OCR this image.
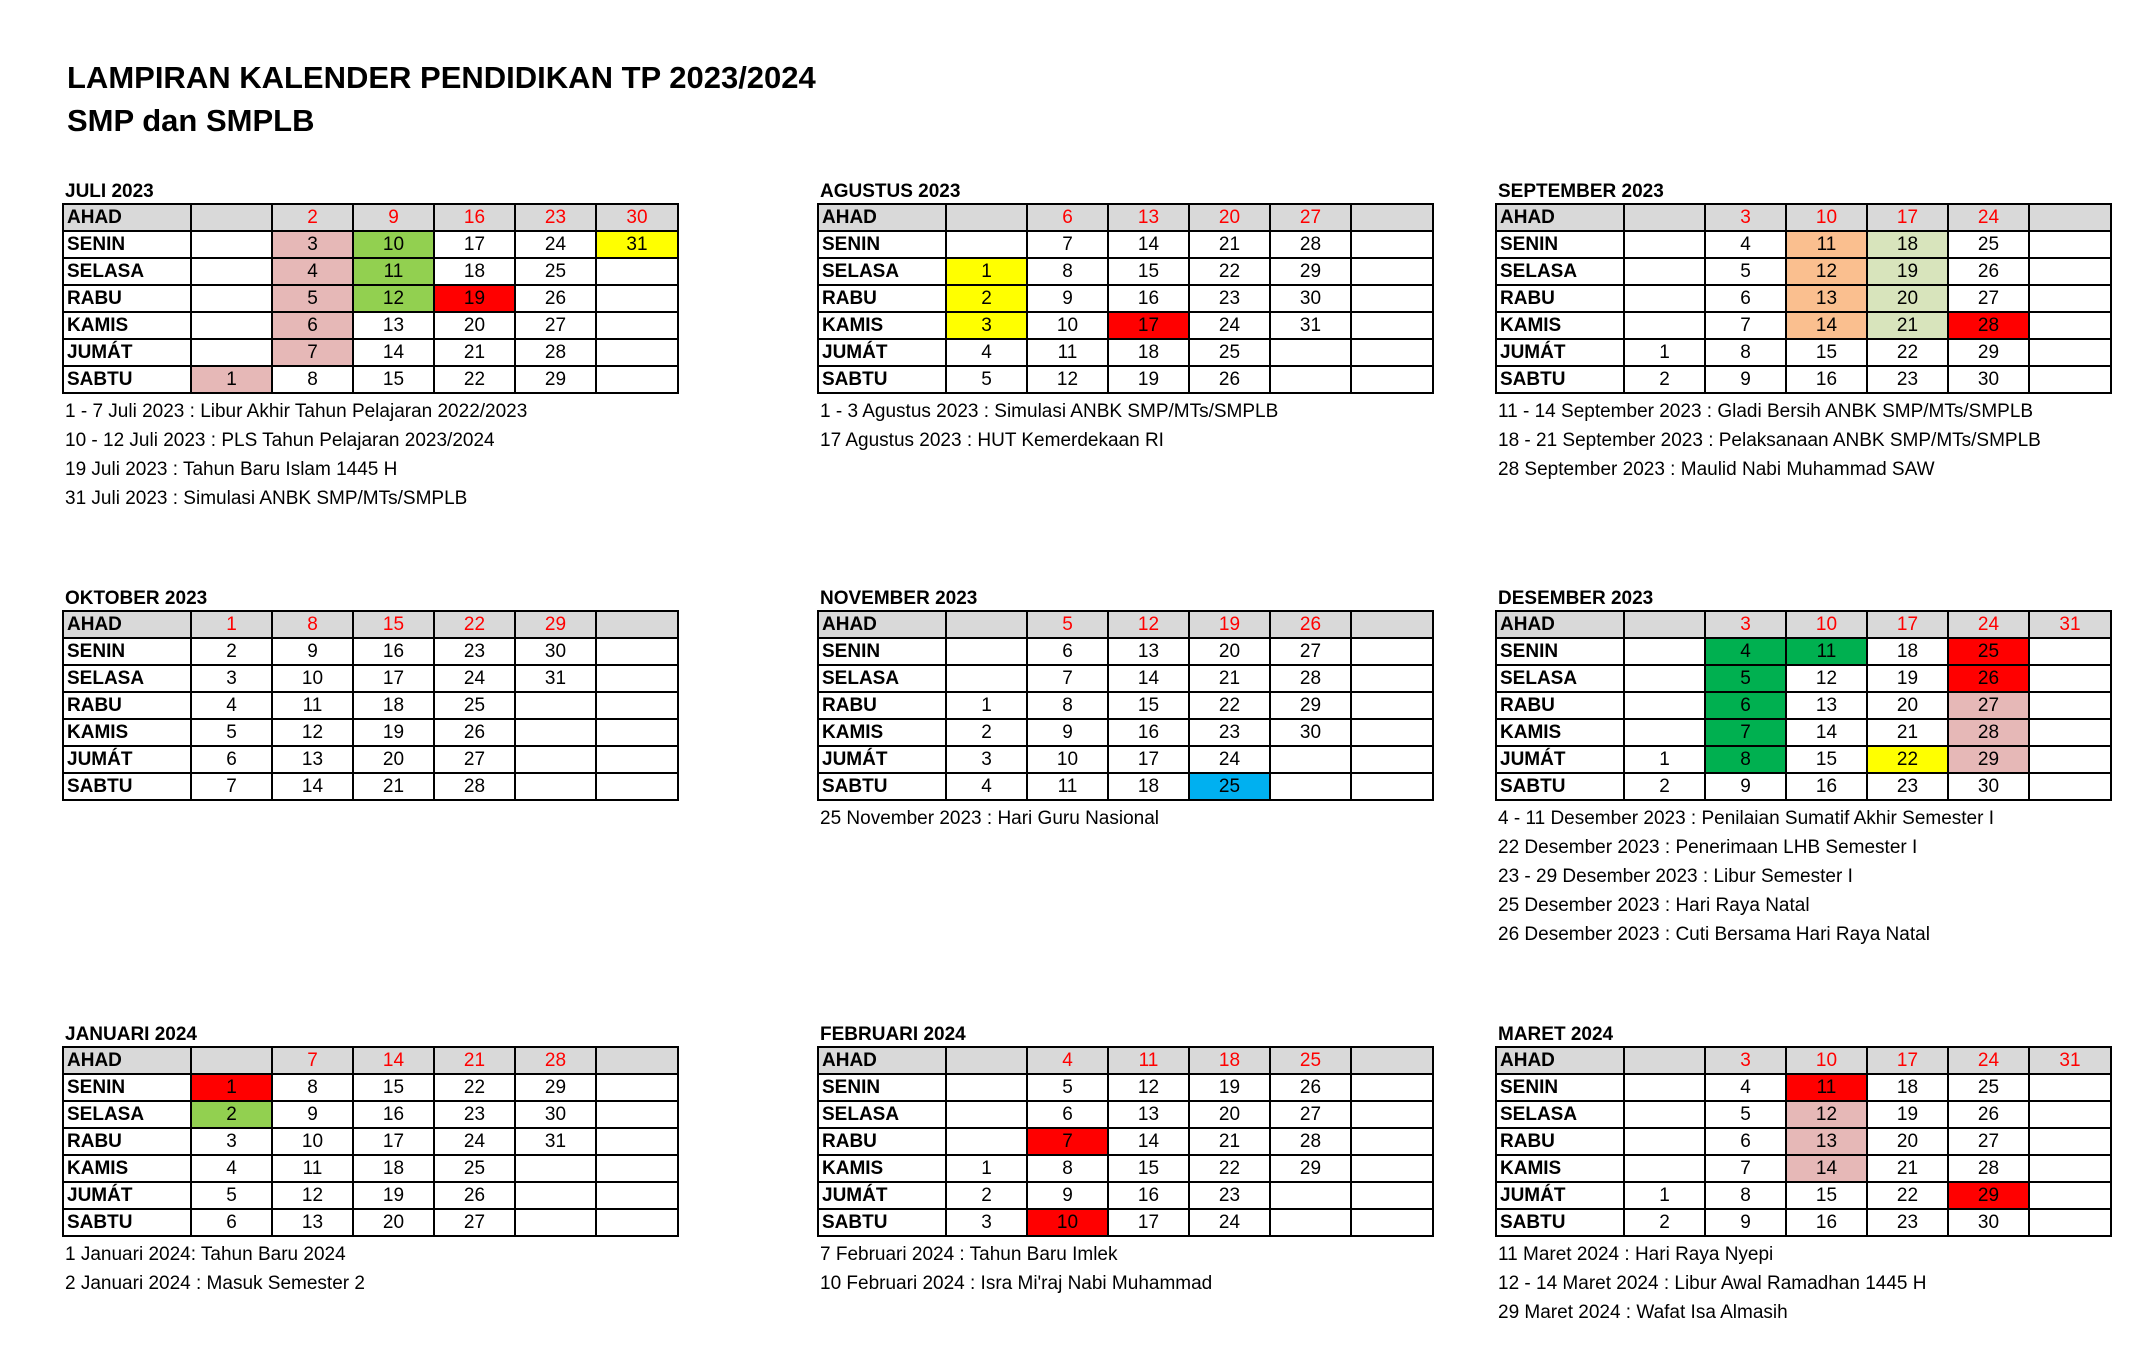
LAMPIRAN KALENDER PENDIDIKAN TP 2023/2024
SMP dan SMPLB
JULI 2023
AHAD		2	9	16	23	30
SENIN		3	10	17	24	31
SELASA		4	11	18	25	
RABU		5	12	19	26	
KAMIS		6	13	20	27	
JUMÁT		7	14	21	28	
SABTU	1	8	15	22	29	
1 - 7 Juli 2023 : Libur Akhir Tahun Pelajaran 2022/2023
10 - 12 Juli 2023 : PLS Tahun Pelajaran 2023/2024
19 Juli 2023 : Tahun Baru Islam 1445 H
31 Juli 2023 : Simulasi ANBK SMP/MTs/SMPLB
AGUSTUS 2023
AHAD		6	13	20	27	
SENIN		7	14	21	28	
SELASA	1	8	15	22	29	
RABU	2	9	16	23	30	
KAMIS	3	10	17	24	31	
JUMÁT	4	11	18	25		
SABTU	5	12	19	26		
1 - 3 Agustus 2023 : Simulasi ANBK SMP/MTs/SMPLB
17 Agustus 2023 : HUT Kemerdekaan RI
SEPTEMBER 2023
AHAD		3	10	17	24	
SENIN		4	11	18	25	
SELASA		5	12	19	26	
RABU		6	13	20	27	
KAMIS		7	14	21	28	
JUMÁT	1	8	15	22	29	
SABTU	2	9	16	23	30	
11 - 14 September 2023 : Gladi Bersih ANBK SMP/MTs/SMPLB
18 - 21 September 2023 : Pelaksanaan ANBK SMP/MTs/SMPLB
28 September 2023 : Maulid Nabi Muhammad SAW
OKTOBER 2023
AHAD	1	8	15	22	29	
SENIN	2	9	16	23	30	
SELASA	3	10	17	24	31	
RABU	4	11	18	25		
KAMIS	5	12	19	26		
JUMÁT	6	13	20	27		
SABTU	7	14	21	28		
NOVEMBER 2023
AHAD		5	12	19	26	
SENIN		6	13	20	27	
SELASA		7	14	21	28	
RABU	1	8	15	22	29	
KAMIS	2	9	16	23	30	
JUMÁT	3	10	17	24		
SABTU	4	11	18	25		
25 November 2023 : Hari Guru Nasional
DESEMBER 2023
AHAD		3	10	17	24	31
SENIN		4	11	18	25	
SELASA		5	12	19	26	
RABU		6	13	20	27	
KAMIS		7	14	21	28	
JUMÁT	1	8	15	22	29	
SABTU	2	9	16	23	30	
4 - 11 Desember 2023 : Penilaian Sumatif Akhir Semester I
22 Desember 2023 : Penerimaan LHB Semester I
23 - 29 Desember 2023 : Libur Semester I
25 Desember 2023 : Hari Raya Natal
26 Desember 2023 : Cuti Bersama Hari Raya Natal
JANUARI 2024
AHAD		7	14	21	28	
SENIN	1	8	15	22	29	
SELASA	2	9	16	23	30	
RABU	3	10	17	24	31	
KAMIS	4	11	18	25		
JUMÁT	5	12	19	26		
SABTU	6	13	20	27		
1 Januari 2024: Tahun Baru 2024
2 Januari 2024 : Masuk Semester 2
FEBRUARI 2024
AHAD		4	11	18	25	
SENIN		5	12	19	26	
SELASA		6	13	20	27	
RABU		7	14	21	28	
KAMIS	1	8	15	22	29	
JUMÁT	2	9	16	23		
SABTU	3	10	17	24		
7 Februari 2024 : Tahun Baru Imlek
10 Februari 2024 : Isra Mi'raj Nabi Muhammad
MARET 2024
AHAD		3	10	17	24	31
SENIN		4	11	18	25	
SELASA		5	12	19	26	
RABU		6	13	20	27	
KAMIS		7	14	21	28	
JUMÁT	1	8	15	22	29	
SABTU	2	9	16	23	30	
11 Maret 2024 : Hari Raya Nyepi
12 - 14 Maret 2024 : Libur Awal Ramadhan 1445 H
29 Maret 2024 : Wafat Isa Almasih
